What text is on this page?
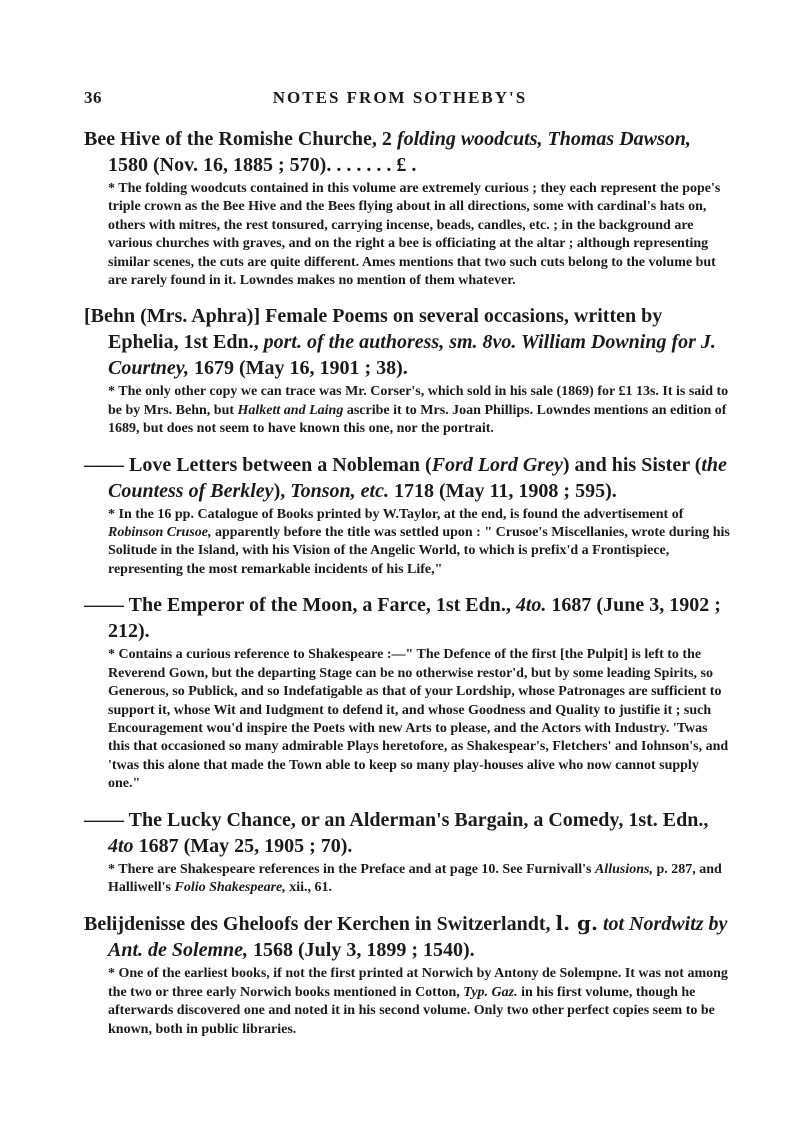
36	NOTES FROM SOTHEBY'S

Bee Hive of the Romishe Churche, 2 folding woodcuts, Thomas Dawson, 1580 (Nov. 16, 1885 ; 570). . . . . . . £ .

* The folding woodcuts contained in this volume are extremely curious ; they each represent the pope's triple crown as the Bee Hive and the Bees flying about in all directions, some with cardinal's hats on, others with mitres, the rest tonsured, carrying incense, beads, candles, etc. ; in the background are various churches with graves, and on the right a bee is officiating at the altar ; although representing similar scenes, the cuts are quite different. Ames mentions that two such cuts belong to the volume but are rarely found in it. Lowndes makes no mention of them whatever.

[Behn (Mrs. Aphra)] Female Poems on several occasions, written by Ephelia, 1st Edn., port. of the authoress, sm. 8vo. William Downing for J. Courtney, 1679 (May 16, 1901 ; 38).

* The only other copy we can trace was Mr. Corser's, which sold in his sale (1869) for £1 13s. It is said to be by Mrs. Behn, but Halkett and Laing ascribe it to Mrs. Joan Phillips. Lowndes mentions an edition of 1689, but does not seem to have known this one, nor the portrait.

—— Love Letters between a Nobleman (Ford Lord Grey) and his Sister (the Countess of Berkley), Tonson, etc. 1718 (May 11, 1908 ; 595).

* In the 16 pp. Catalogue of Books printed by W.Taylor, at the end, is found the advertisement of Robinson Crusoe, apparently before the title was settled upon : " Crusoe's Miscellanies, wrote during his Solitude in the Island, with his Vision of the Angelic World, to which is prefix'd a Frontispiece, representing the most remarkable incidents of his Life,"

—— The Emperor of the Moon, a Farce, 1st Edn., 4to. 1687 (June 3, 1902 ; 212).

* Contains a curious reference to Shakespeare :—" The Defence of the first [the Pulpit] is left to the Reverend Gown, but the departing Stage can be no otherwise restor'd, but by some leading Spirits, so Generous, so Publick, and so Indefatigable as that of your Lordship, whose Patronages are sufficient to support it, whose Wit and Iudgment to defend it, and whose Goodness and Quality to justifie it ; such Encouragement wou'd inspire the Poets with new Arts to please, and the Actors with Industry. 'Twas this that occasioned so many admirable Plays heretofore, as Shakespear's, Fletchers' and Iohnson's, and 'twas this alone that made the Town able to keep so many play-houses alive who now cannot supply one."

—— The Lucky Chance, or an Alderman's Bargain, a Comedy, 1st. Edn., 4to 1687 (May 25, 1905 ; 70).

* There are Shakespeare references in the Preface and at page 10. See Furnivall's Allusions, p. 287, and Halliwell's Folio Shakespeare, xii., 61.

Belijdenisse des Gheloofs der Kerchen in Switzerlandt, l. g. tot Nordwitz by Ant. de Solemne, 1568 (July 3, 1899 ; 1540).

* One of the earliest books, if not the first printed at Norwich by Antony de Solempne. It was not among the two or three early Norwich books mentioned in Cotton, Typ. Gaz. in his first volume, though he afterwards discovered one and noted it in his second volume. Only two other perfect copies seem to be known, both in public libraries.
